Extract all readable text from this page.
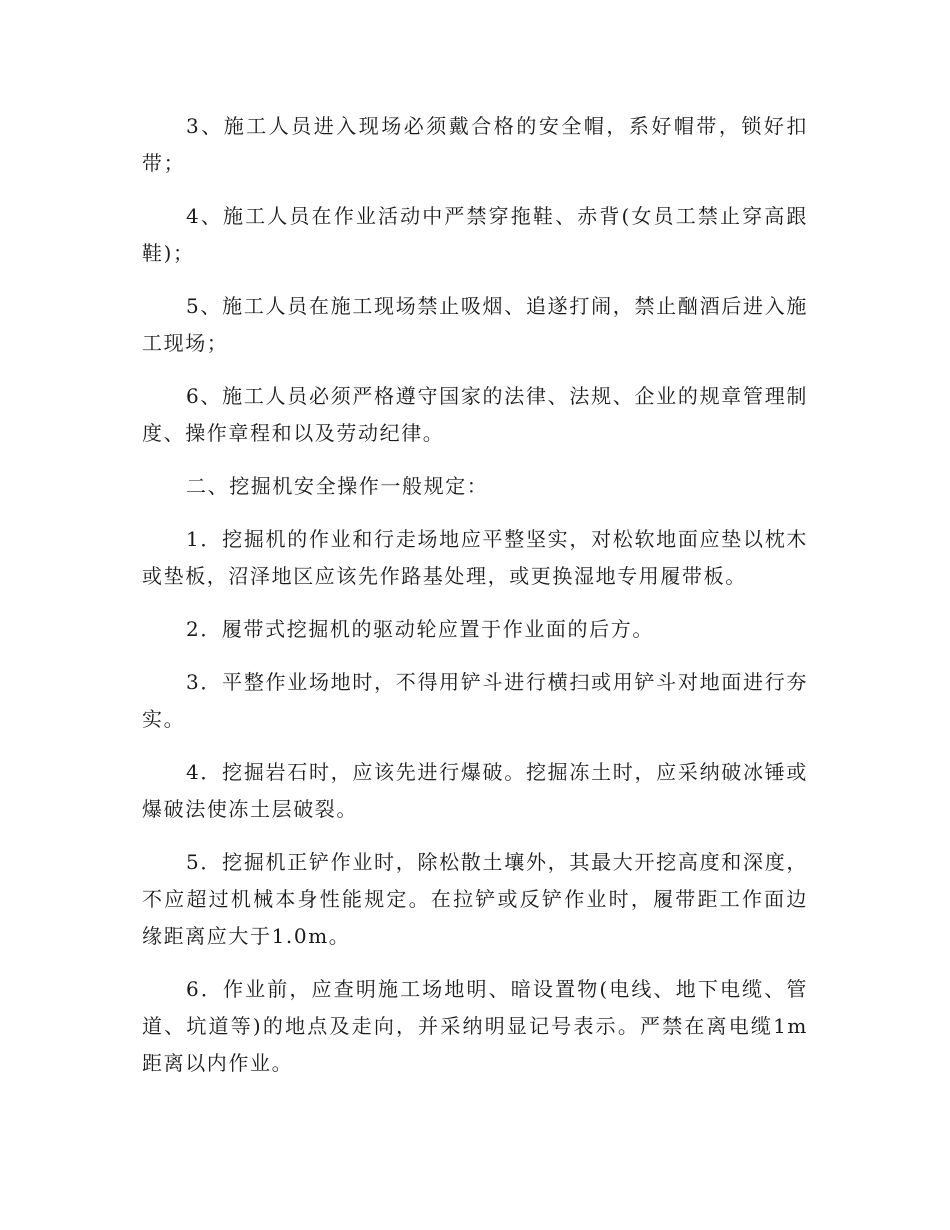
3、施工人员进入现场必须戴合格的安全帽，系好帽带，锁好扣带；

4、施工人员在作业活动中严禁穿拖鞋、赤背(女员工禁止穿高跟鞋)；

5、施工人员在施工现场禁止吸烟、追遂打闹，禁止酗酒后进入施工现场；

6、施工人员必须严格遵守国家的法律、法规、企业的规章管理制度、操作章程和以及劳动纪律。

二、挖掘机安全操作一般规定：

1．挖掘机的作业和行走场地应平整坚实，对松软地面应垫以枕木或垫板，沼泽地区应该先作路基处理，或更换湿地专用履带板。

2．履带式挖掘机的驱动轮应置于作业面的后方。

3．平整作业场地时，不得用铲斗进行横扫或用铲斗对地面进行夯实。

4．挖掘岩石时，应该先进行爆破。挖掘冻土时，应采纳破冰锤或爆破法使冻土层破裂。

5．挖掘机正铲作业时，除松散土壤外，其最大开挖高度和深度，不应超过机械本身性能规定。在拉铲或反铲作业时，履带距工作面边缘距离应大于1.0m。

6．作业前，应查明施工场地明、暗设置物(电线、地下电缆、管道、坑道等)的地点及走向，并采纳明显记号表示。严禁在离电缆1m距离以内作业。
